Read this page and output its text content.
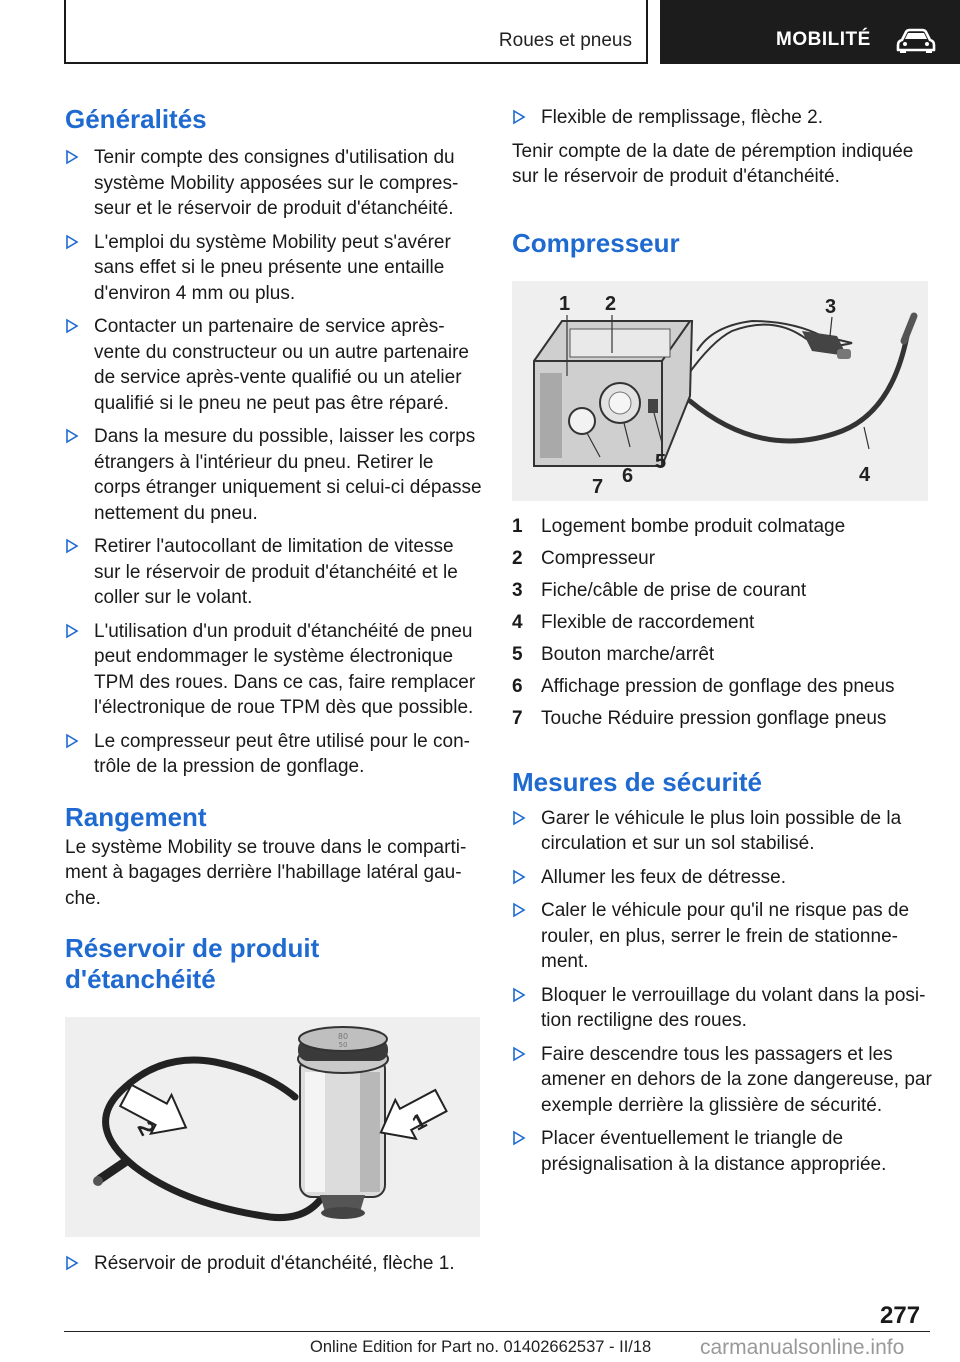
Roues et pneus	MOBILITÉ
Généralités
Tenir compte des consignes d'utilisation du système Mobility apposées sur le compresseur et le réservoir de produit d'étanchéité.
L'emploi du système Mobility peut s'avérer sans effet si le pneu présente une entaille d'environ 4 mm ou plus.
Contacter un partenaire de service après-vente du constructeur ou un autre partenaire de service après-vente qualifié ou un atelier qualifié si le pneu ne peut pas être réparé.
Dans la mesure du possible, laisser les corps étrangers à l'intérieur du pneu. Retirer le corps étranger uniquement si celui-ci dépasse nettement du pneu.
Retirer l'autocollant de limitation de vitesse sur le réservoir de produit d'étanchéité et le coller sur le volant.
L'utilisation d'un produit d'étanchéité de pneu peut endommager le système électronique TPM des roues. Dans ce cas, faire remplacer l'électronique de roue TPM dès que possible.
Le compresseur peut être utilisé pour le contrôle de la pression de gonflage.
Rangement

Le système Mobility se trouve dans le compartiment à bagages derrière l'habillage latéral gauche.

Réservoir de produit d'étanchéité
80
50
1
2
Réservoir de produit d'étanchéité, flèche 1.
Flexible de remplissage, flèche 2.

Tenir compte de la date de péremption indiquée sur le réservoir de produit d'étanchéité.

Compresseur
1 2	3
4
5
6
7
1 Logement bombe produit colmatage
2 Compresseur
3 Fiche/câble de prise de courant
4 Flexible de raccordement
5 Bouton marche/arrêt
6 Affichage pression de gonflage des pneus
7 Touche Réduire pression gonflage pneus
Mesures de sécurité
Garer le véhicule le plus loin possible de la circulation et sur un sol stabilisé.
Allumer les feux de détresse.
Caler le véhicule pour qu'il ne risque pas de rouler, en plus, serrer le frein de stationnement.
Bloquer le verrouillage du volant dans la position rectiligne des roues.
Faire descendre tous les passagers et les amener en dehors de la zone dangereuse, par exemple derrière la glissière de sécurité.
Placer éventuellement le triangle de présignalisation à la distance appropriée.
277
Online Edition for Part no. 01402662537 - II/18 carmanualsonline.info
